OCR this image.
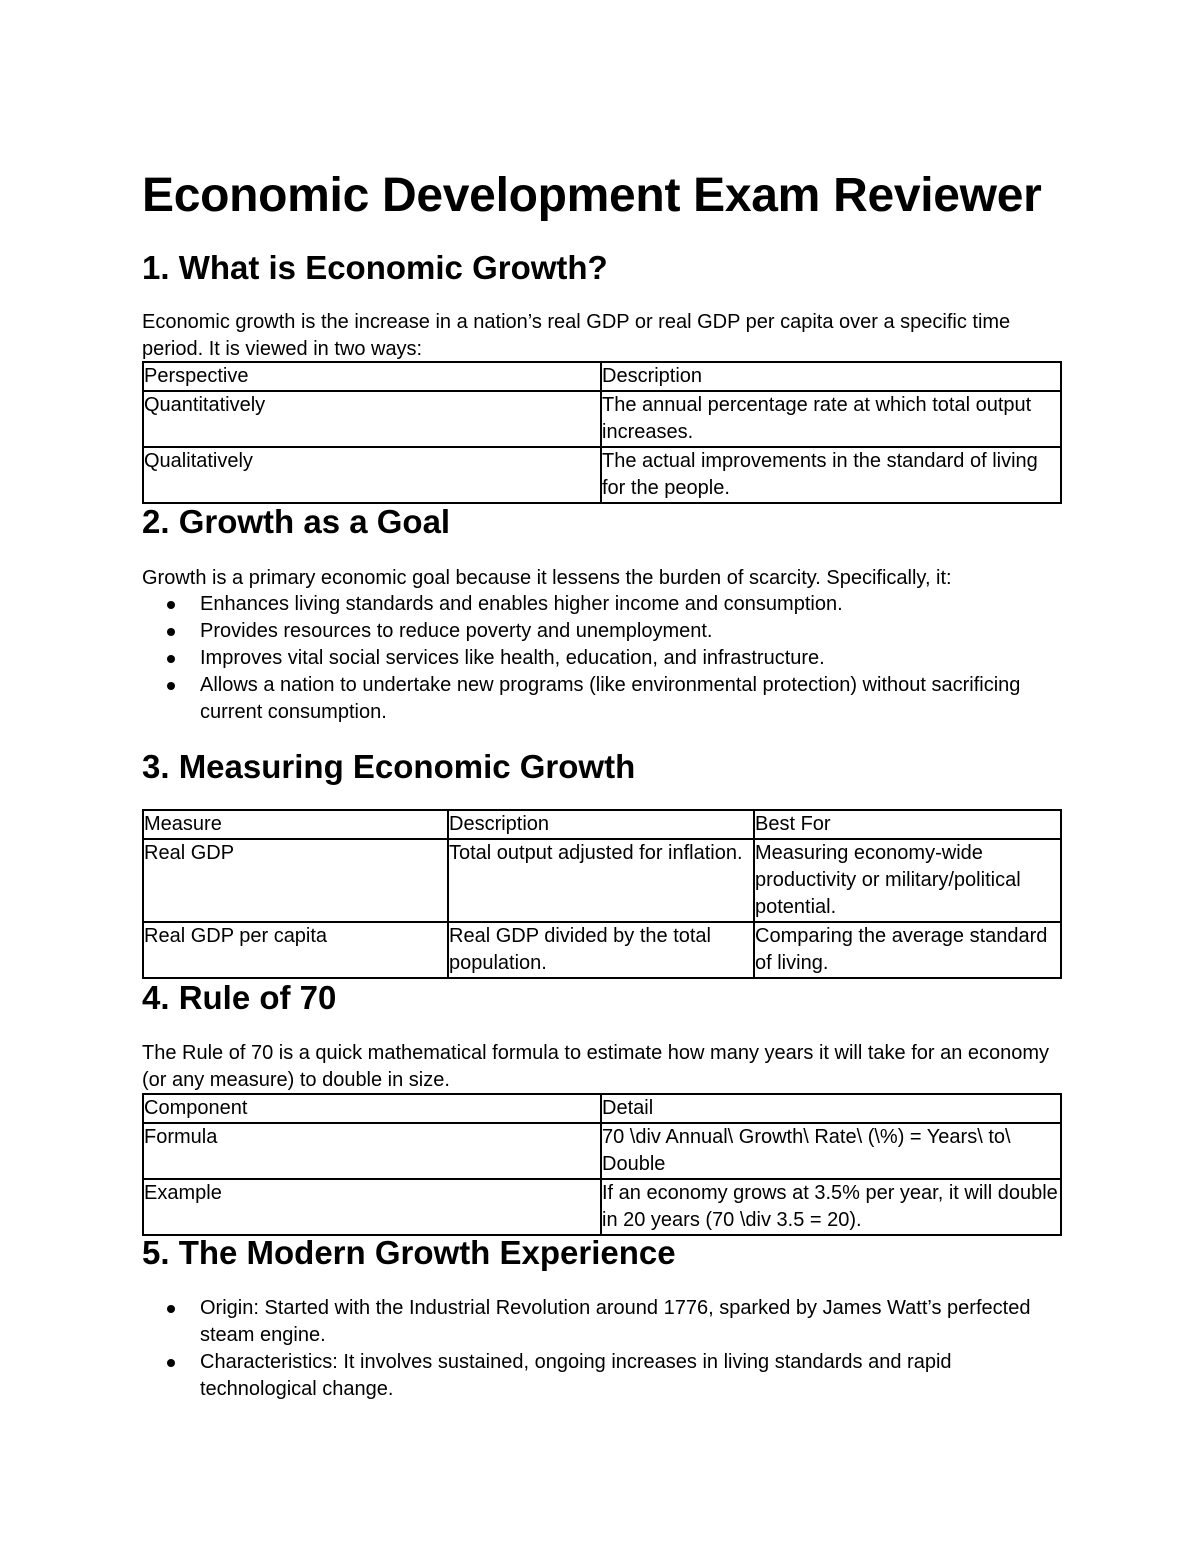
Economic Development Exam Reviewer
1. What is Economic Growth?

Economic growth is the increase in a nation’s real GDP or real GDP per capita over a specific time period. It is viewed in two ways:

Perspective	Description
Quantitatively	The annual percentage rate at which total output increases.
Qualitatively	The actual improvements in the standard of living for the people.
2. Growth as a Goal

Growth is a primary economic goal because it lessens the burden of scarcity. Specifically, it:

Enhances living standards and enables higher income and consumption.
Provides resources to reduce poverty and unemployment.
Improves vital social services like health, education, and infrastructure.
Allows a nation to undertake new programs (like environmental protection) without sacrificing current consumption.
3. Measuring Economic Growth
Measure	Description	Best For
Real GDP	Total output adjusted for inflation.	Measuring economy-wide productivity or military/political potential.
Real GDP per capita	Real GDP divided by the total population.	Comparing the average standard of living.
4. Rule of 70

The Rule of 70 is a quick mathematical formula to estimate how many years it will take for an economy (or any measure) to double in size.

Component	Detail
Formula	70 \div Annual\ Growth\ Rate\ (\%) = Years\ to\ Double
Example	If an economy grows at 3.5% per year, it will double in 20 years (70 \div 3.5 = 20).
5. The Modern Growth Experience
Origin: Started with the Industrial Revolution around 1776, sparked by James Watt’s perfected steam engine.
Characteristics: It involves sustained, ongoing increases in living standards and rapid technological change.
